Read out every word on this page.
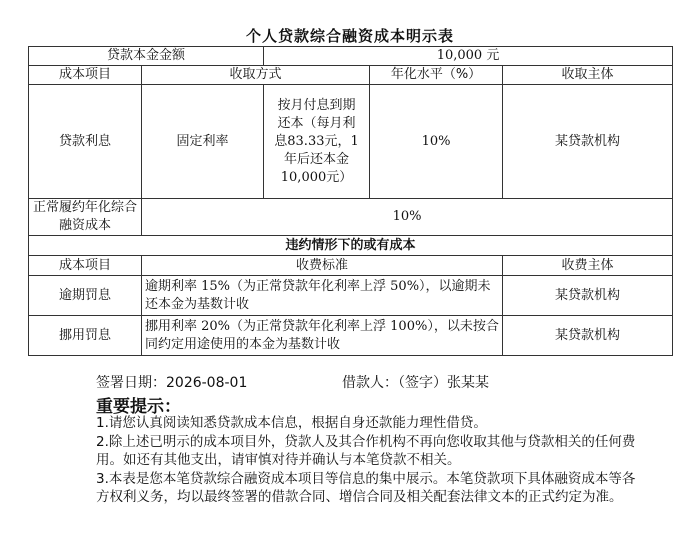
个人贷款综合融资成本明示表
贷款本金金额		10,000 元		
成本项目	收取方式		年化水平（%）	收取主体
贷款利息	固定利率	按月付息到期还本（每月利息83.33元，1年后还本金10,000元）	10%	某贷款机构
正常履约年化综合融资成本	10%			
违约情形下的或有成本				
成本项目	收费标准			收费主体
逾期罚息	逾期利率 15%（为正常贷款年化利率上浮 50%），以逾期未还本金为基数计收			某贷款机构
挪用罚息	挪用利率 20%（为正常贷款年化利率上浮 100%），以未按合同约定用途使用的本金为基数计收			某贷款机构
签署日期：2026-08-01	借款人：（签字）张某某
重要提示：

1.请您认真阅读知悉贷款成本信息，根据自身还款能力理性借贷。

2.除上述已明示的成本项目外，贷款人及其合作机构不再向您收取其他与贷款相关的任何费用。如还有其他支出，请审慎对待并确认与本笔贷款不相关。

3.本表是您本笔贷款综合融资成本项目等信息的集中展示。本笔贷款项下具体融资成本等各方权利义务，均以最终签署的借款合同、增信合同及相关配套法律文本的正式约定为准。
